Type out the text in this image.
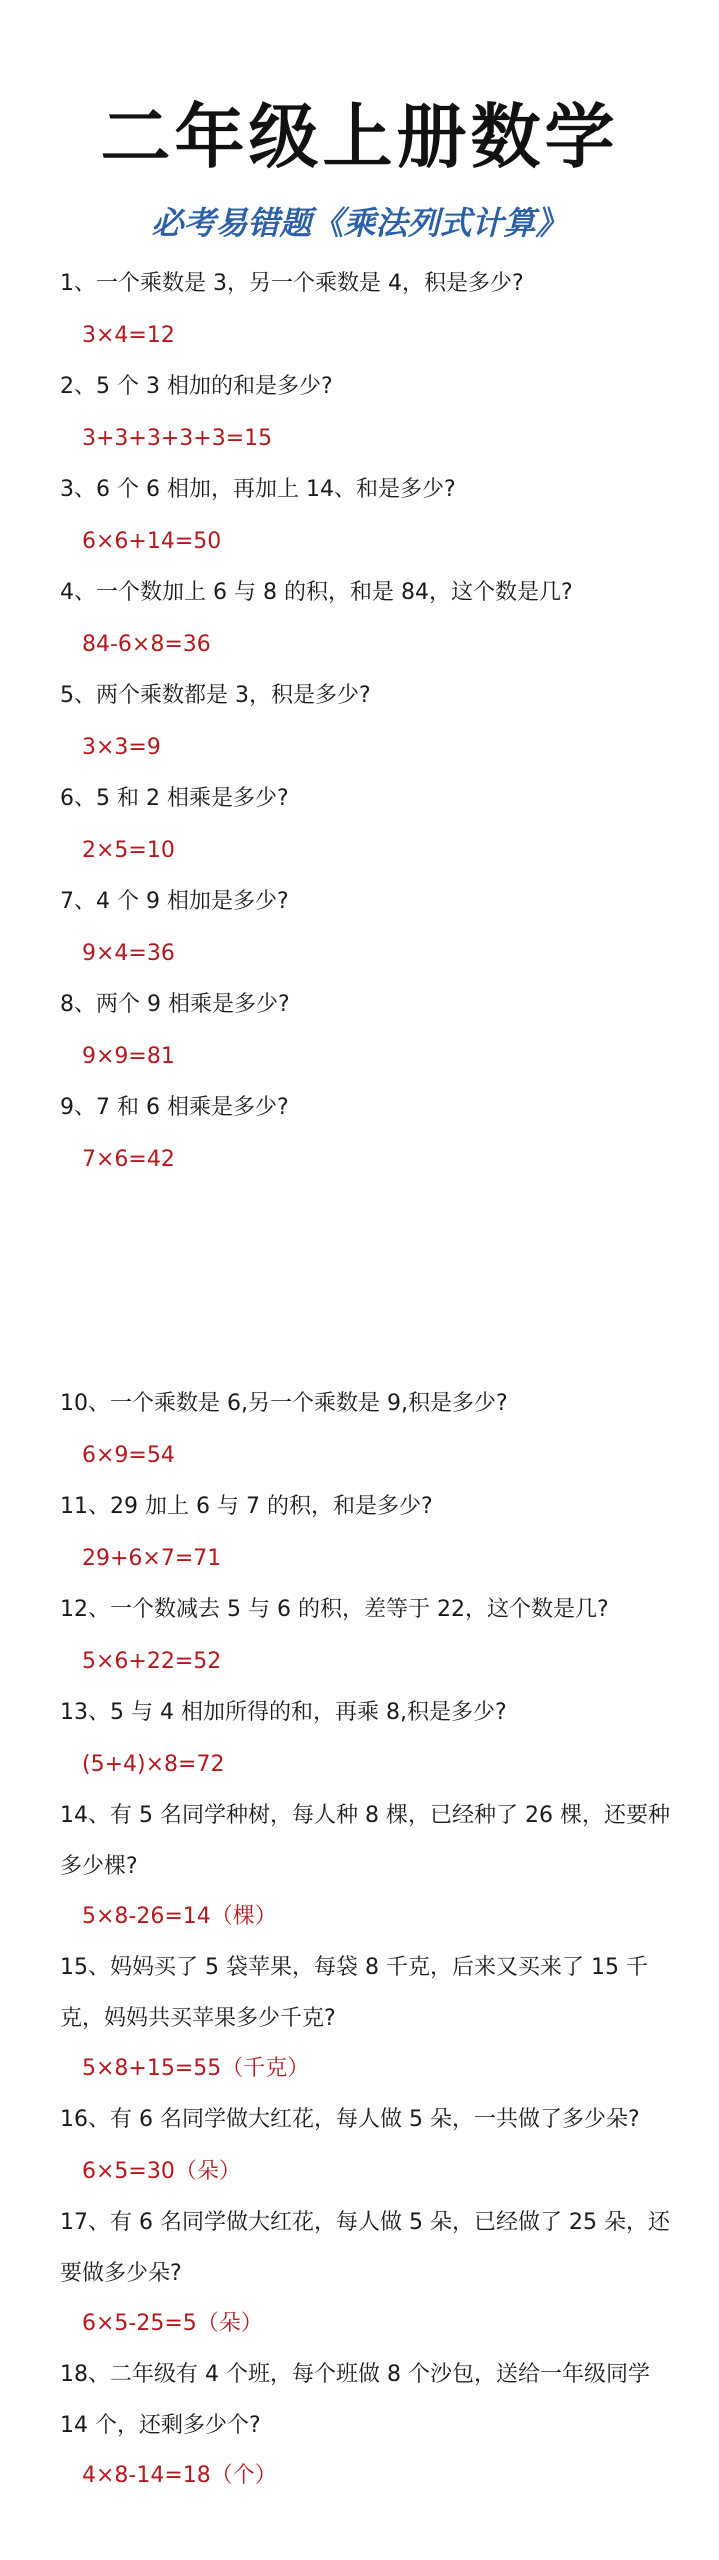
二年级上册数学
必考易错题《乘法列式计算》
1、一个乘数是 3，另一个乘数是 4，积是多少?
3×4=12
2、5 个 3 相加的和是多少?
3+3+3+3+3=15
3、6 个 6 相加，再加上 14、和是多少?
6×6+14=50
4、一个数加上 6 与 8 的积，和是 84，这个数是几?
84-6×8=36
5、两个乘数都是 3，积是多少?
3×3=9
6、5 和 2 相乘是多少?
2×5=10
7、4 个 9 相加是多少?
9×4=36
8、两个 9 相乘是多少?
9×9=81
9、7 和 6 相乘是多少?
7×6=42
10、一个乘数是 6,另一个乘数是 9,积是多少?
6×9=54
11、29 加上 6 与 7 的积，和是多少?
29+6×7=71
12、一个数减去 5 与 6 的积，差等于 22，这个数是几?
5×6+22=52
13、5 与 4 相加所得的和，再乘 8,积是多少?
(5+4)×8=72
14、有 5 名同学种树，每人种 8 棵，已经种了 26 棵，还要种多少棵?
5×8-26=14（棵）
15、妈妈买了 5 袋苹果，每袋 8 千克，后来又买来了 15 千克，妈妈共买苹果多少千克?
5×8+15=55（千克）
16、有 6 名同学做大红花，每人做 5 朵，一共做了多少朵?
6×5=30（朵）
17、有 6 名同学做大红花，每人做 5 朵，已经做了 25 朵，还要做多少朵?
6×5-25=5（朵）
18、二年级有 4 个班，每个班做 8 个沙包，送给一年级同学 14 个，还剩多少个?
4×8-14=18（个）
